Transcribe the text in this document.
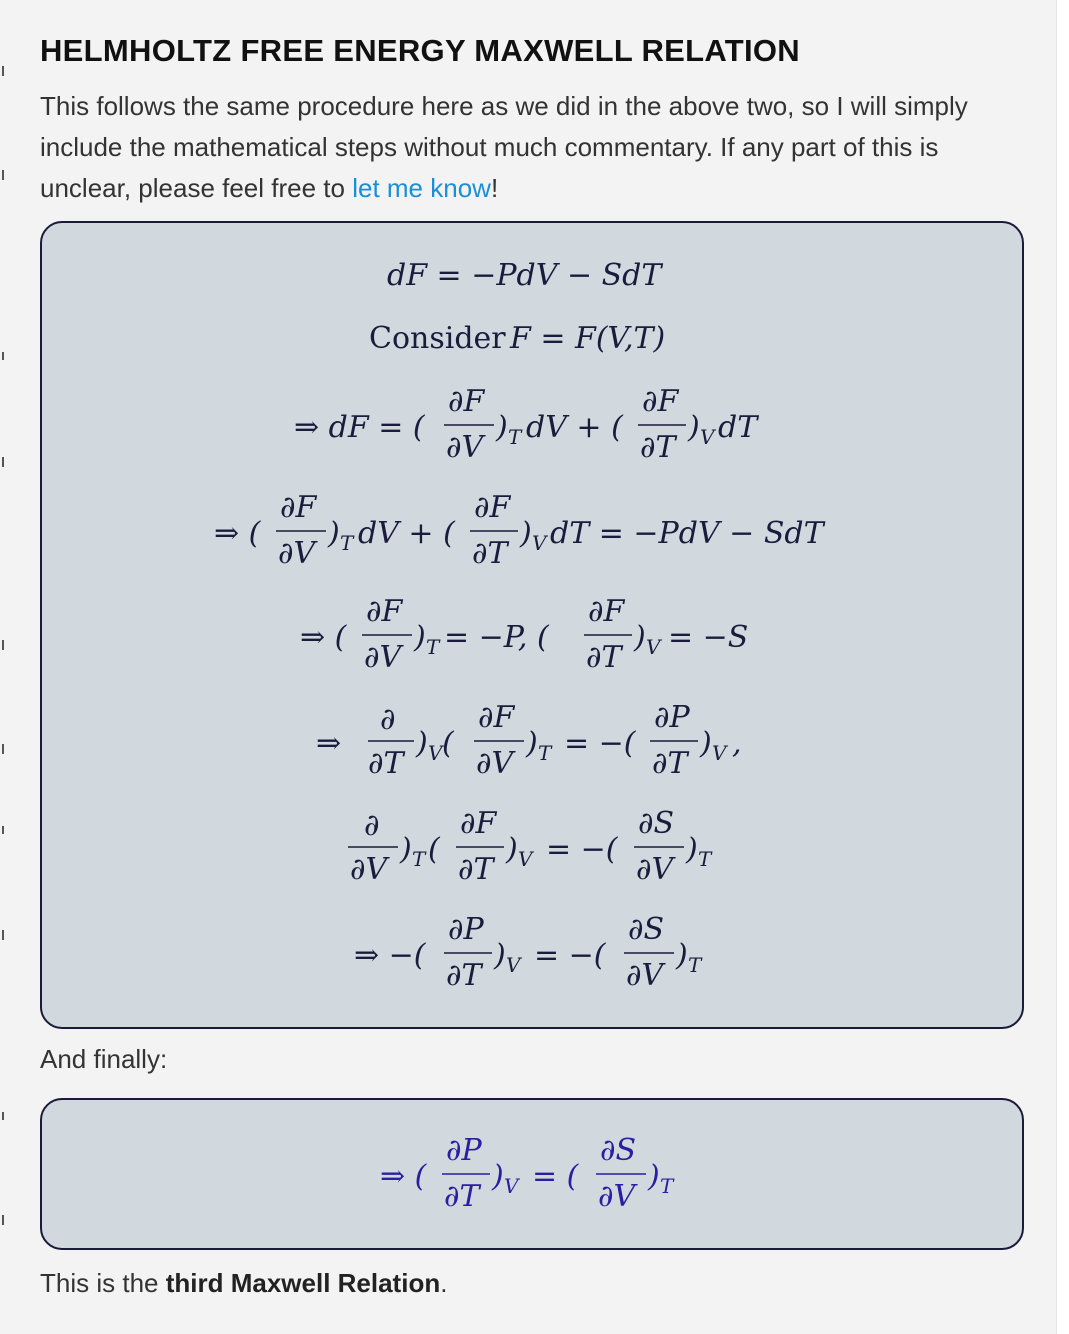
HELMHOLTZ FREE ENERGY MAXWELL RELATION

This follows the same procedure here as we did in the above two, so I will simply include the mathematical steps without much commentary. If any part of this is unclear, please feel free to let me know!

dF = −PdV − SdT
Consider F = F(V,T)
⇒ dF = (
∂F
∂V
) T dV + (
∂F
∂T
) V dT
⇒ (
∂F
∂V
) T dV + (
∂F
∂T
) V dT = −PdV − SdT
⇒ (
∂F
∂V
) T = −P, (
∂F
∂T
) V = −S
⇒
∂
∂T
) V (
∂F
∂V
) T = −(
∂P
∂T
) V ,
∂
∂V
) T (
∂F
∂T
) V = −(
∂S
∂V
) T
⇒ −(
∂P
∂T
) V = −(
∂S
∂V
) T
And finally:
⇒ (
∂P
∂T
) V = (
∂S
∂V
) T
This is the third Maxwell Relation.
